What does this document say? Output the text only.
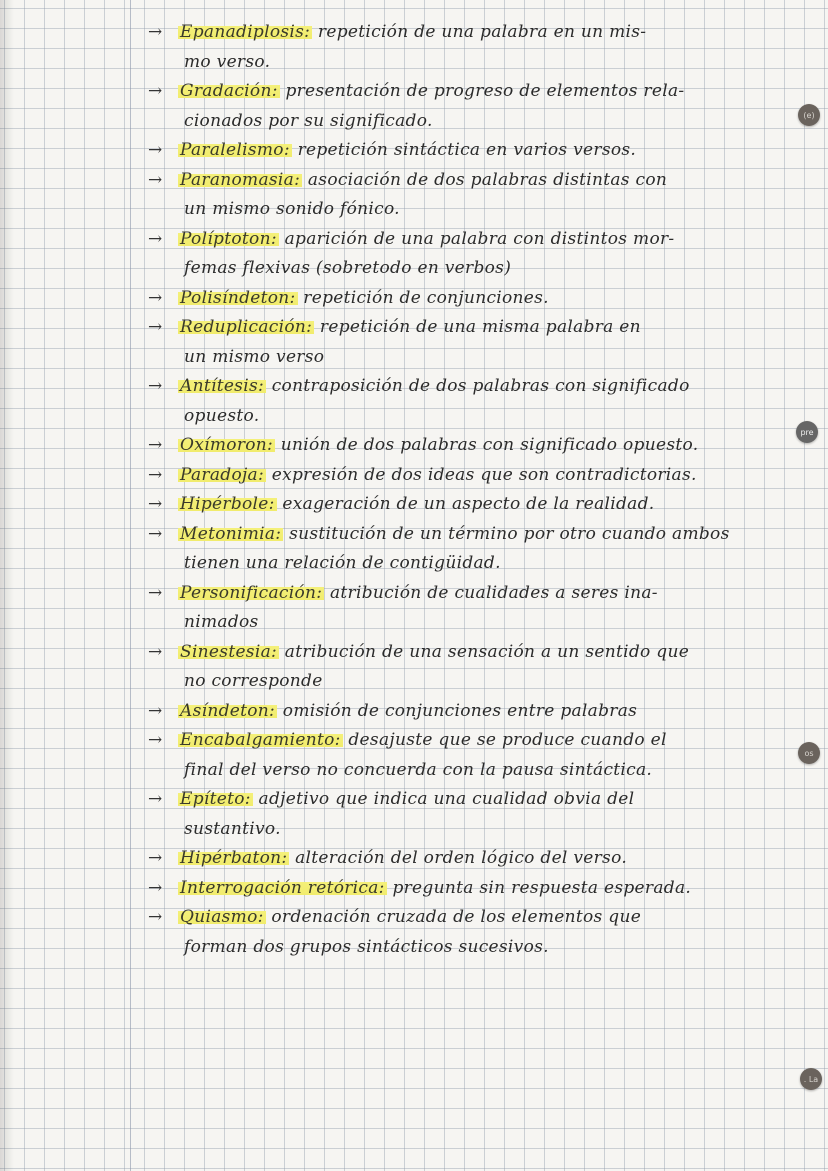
(e)
pre
os
. La
→ Epanadiplosis: repetición de una palabra en un mis-
mo verso.
→ Gradación: presentación de progreso de elementos rela-
cionados por su significado.
→ Paralelismo: repetición sintáctica en varios versos.
→ Paranomasia: asociación de dos palabras distintas con
un mismo sonido fónico.
→ Políptoton: aparición de una palabra con distintos mor-
femas flexivas (sobretodo en verbos)
→ Polisíndeton: repetición de conjunciones.
→ Reduplicación: repetición de una misma palabra en
un mismo verso
→ Antítesis: contraposición de dos palabras con significado
opuesto.
→ Oxímoron: unión de dos palabras con significado opuesto.
→ Paradoja: expresión de dos ideas que son contradictorias.
→ Hipérbole: exageración de un aspecto de la realidad.
→ Metonimia: sustitución de un término por otro cuando ambos
tienen una relación de contigüidad.
→ Personificación: atribución de cualidades a seres ina-
nimados
→ Sinestesia: atribución de una sensación a un sentido que
no corresponde
→ Asíndeton: omisión de conjunciones entre palabras
→ Encabalgamiento: desajuste que se produce cuando el
final del verso no concuerda con la pausa sintáctica.
→ Epíteto: adjetivo que indica una cualidad obvia del
sustantivo.
→ Hipérbaton: alteración del orden lógico del verso.
→ Interrogación retórica: pregunta sin respuesta esperada.
→ Quiasmo: ordenación cruzada de los elementos que
forman dos grupos sintácticos sucesivos.
